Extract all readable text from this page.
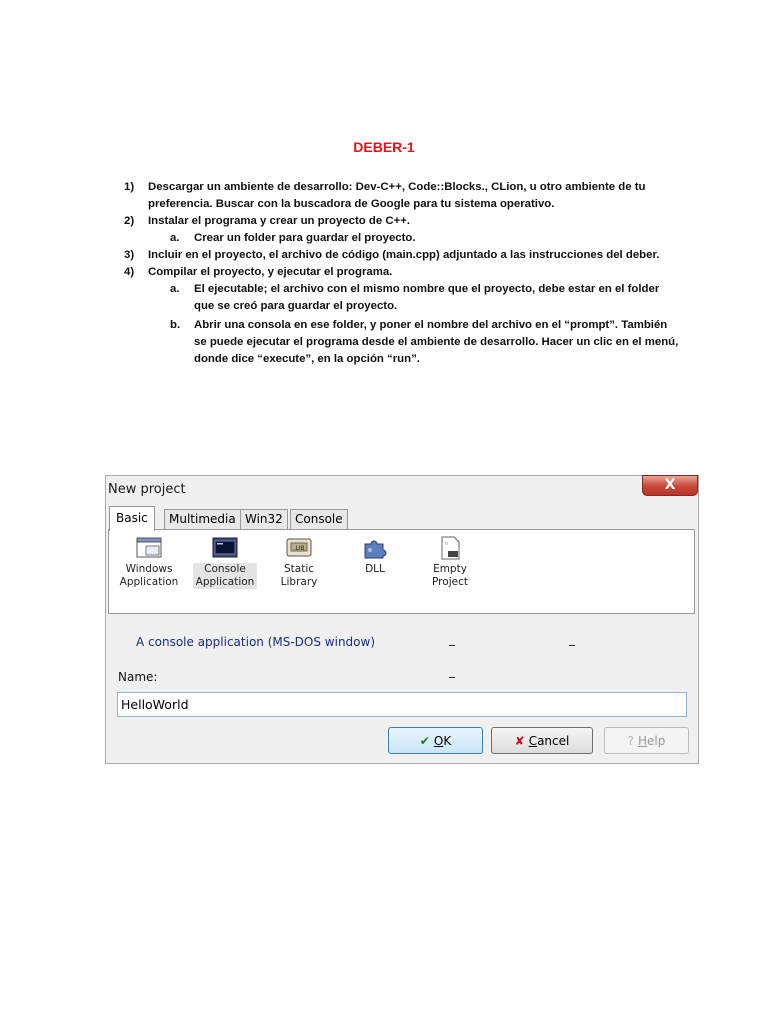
DEBER-1
1) Descargar un ambiente de desarrollo: Dev-C++, Code::Blocks., CLion, u otro ambiente de tu
preferencia. Buscar con la buscadora de Google para tu sistema operativo.
2) Instalar el programa y crear un proyecto de C++.
a. Crear un folder para guardar el proyecto.
3) Incluir en el proyecto, el archivo de código (main.cpp) adjuntado a las instrucciones del deber.
4) Compilar el proyecto, y ejecutar el programa.
a. El ejecutable; el archivo con el mismo nombre que el proyecto, debe estar en el folder
que se creó para guardar el proyecto.
b. Abrir una consola en ese folder, y poner el nombre del archivo en el “prompt”. También
se puede ejecutar el programa desde el ambiente de desarrollo. Hacer un clic en el menú,
donde dice “execute”, en la opción “run”.
New project	X
Basic	Multimedia Win32	Console
Windows
Application
Console
Application
.LIB
Static Library
DLL
n
Empty
Project
A console application (MS-DOS window)	_	_
_
Name:
HelloWorld
✔ OK	✘ Cancel	? Help
